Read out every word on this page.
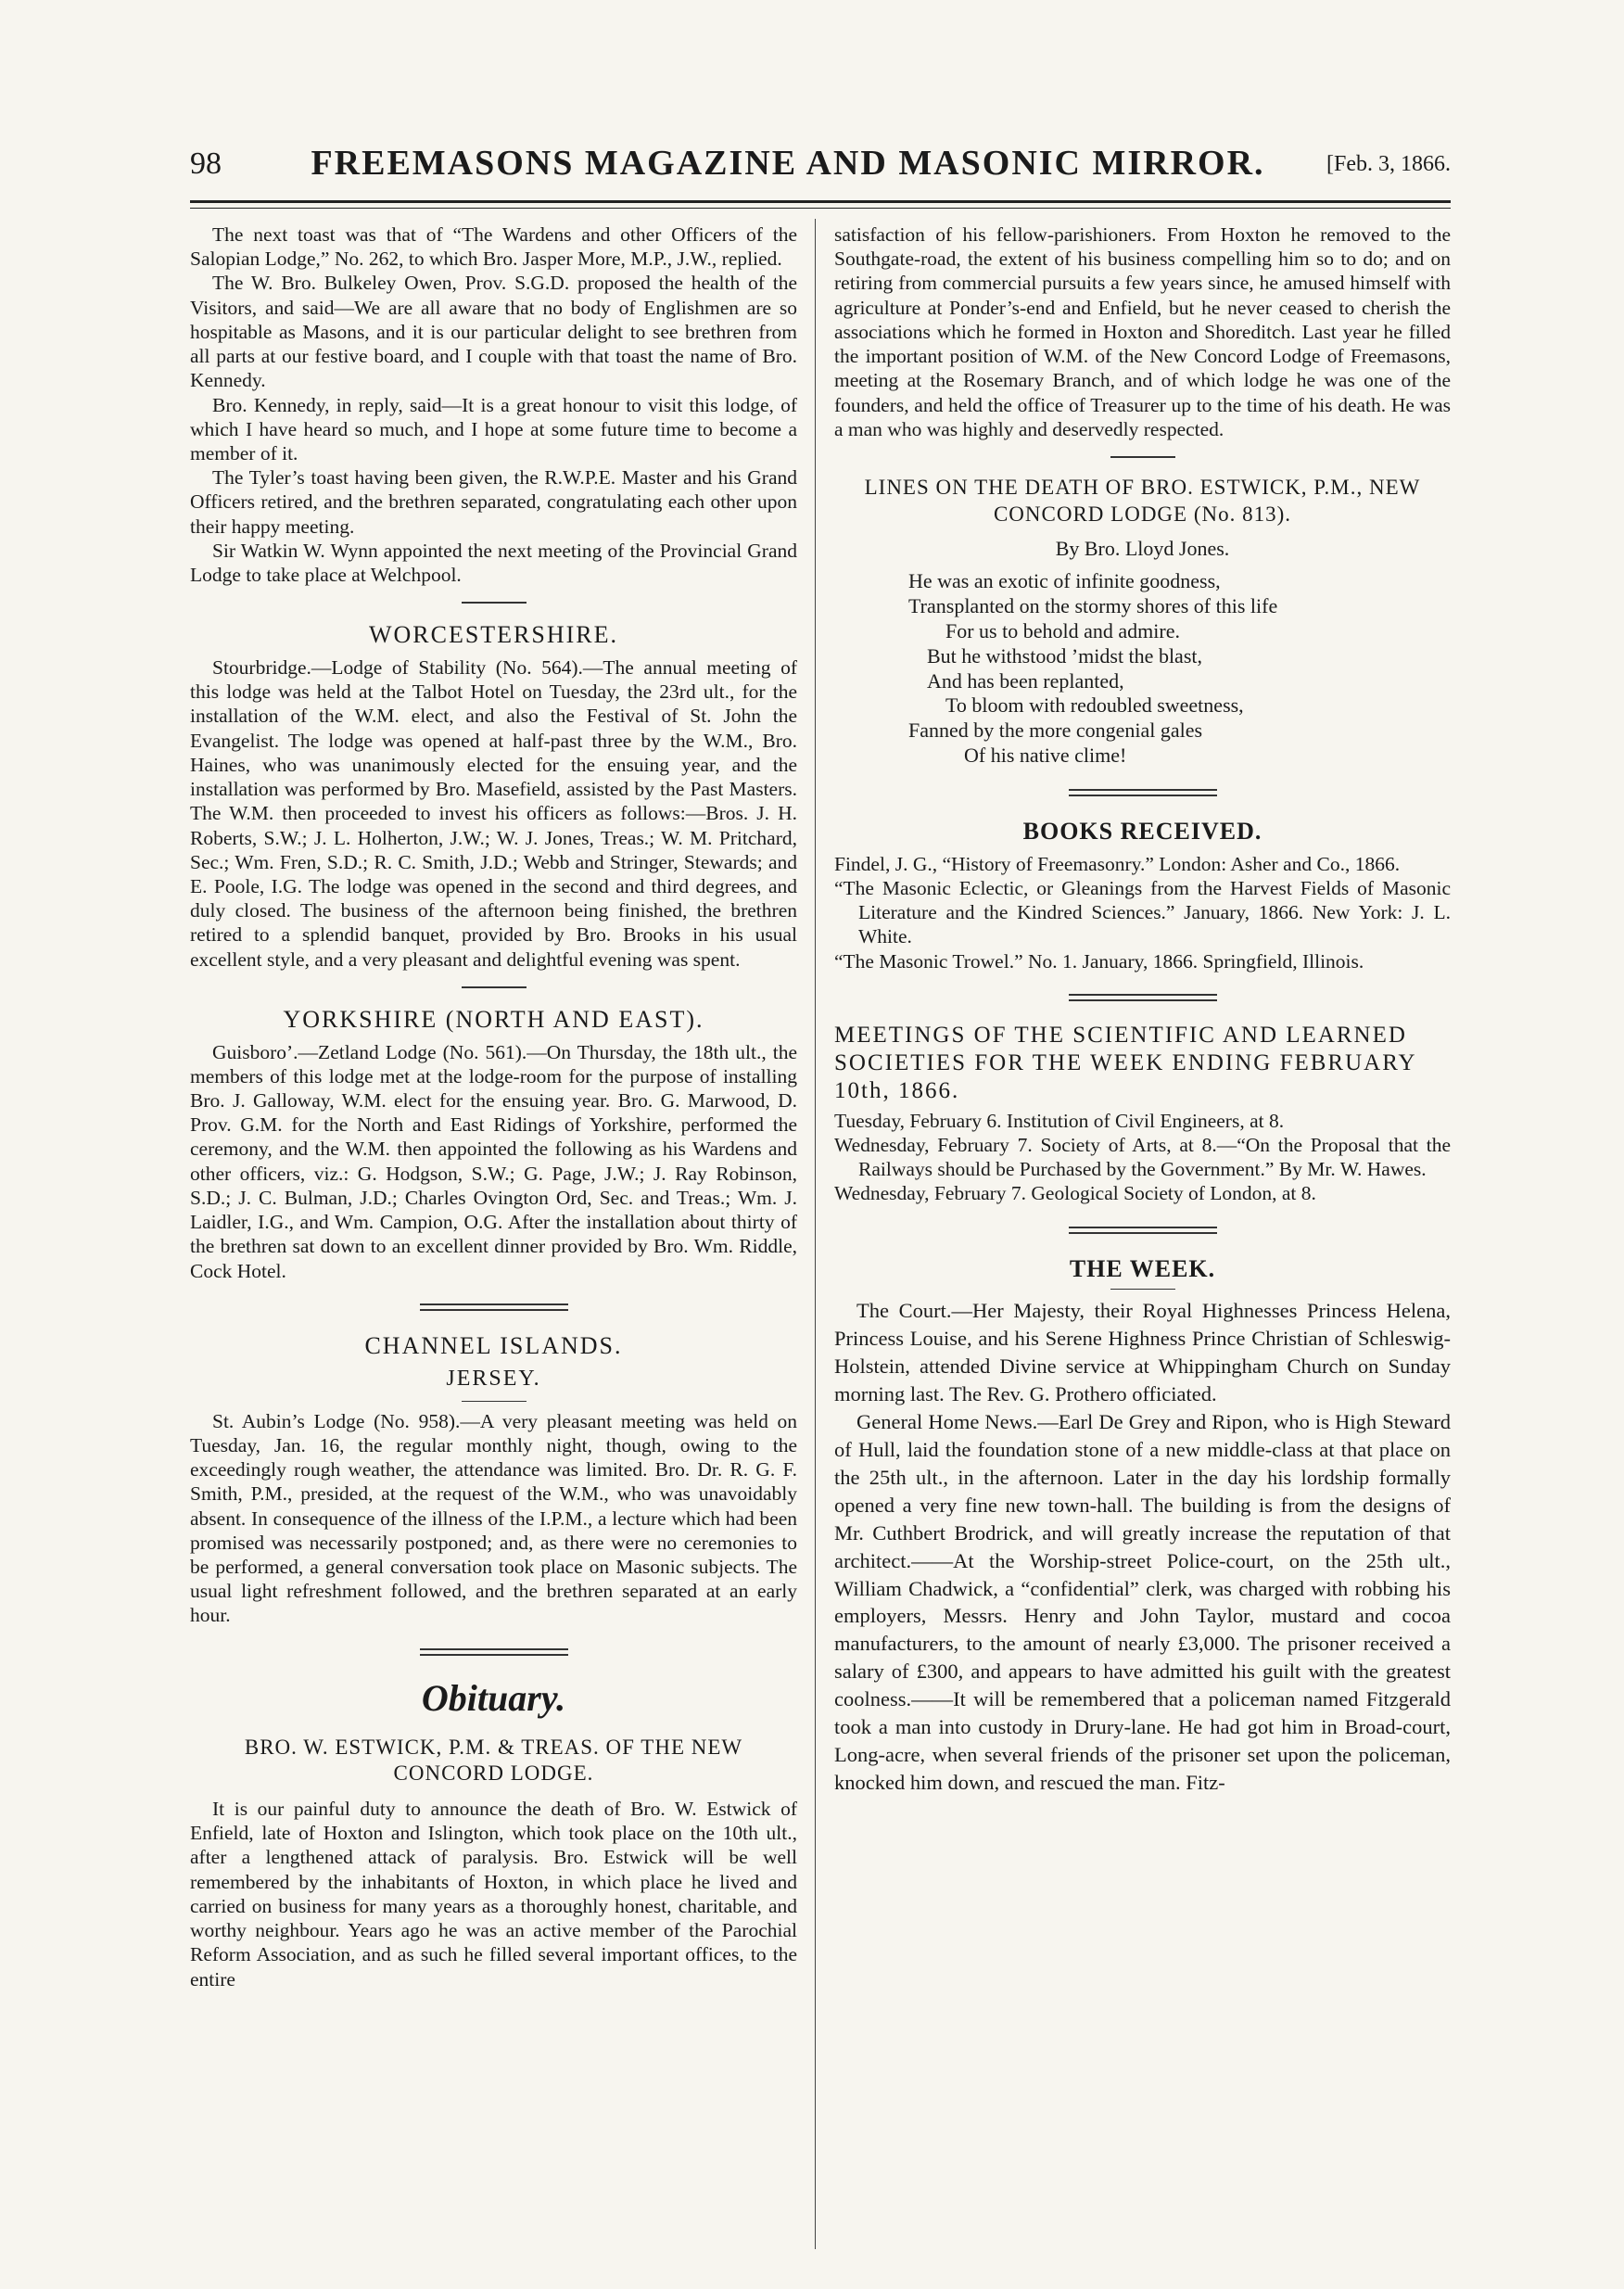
98	FREEMASONS MAGAZINE AND MASONIC MIRROR.	[Feb. 3, 1866.

The next toast was that of “The Wardens and other Officers of the Salopian Lodge,” No. 262, to which Bro. Jasper More, M.P., J.W., replied.

The W. Bro. Bulkeley Owen, Prov. S.G.D. proposed the health of the Visitors, and said—We are all aware that no body of Englishmen are so hospitable as Masons, and it is our particular delight to see brethren from all parts at our festive board, and I couple with that toast the name of Bro. Kennedy.

Bro. Kennedy, in reply, said—It is a great honour to visit this lodge, of which I have heard so much, and I hope at some future time to become a member of it.

The Tyler’s toast having been given, the R.W.P.E. Master and his Grand Officers retired, and the brethren separated, congratulating each other upon their happy meeting.

Sir Watkin W. Wynn appointed the next meeting of the Provincial Grand Lodge to take place at Welchpool.

WORCESTERSHIRE.

Stourbridge.—Lodge of Stability (No. 564).—The annual meeting of this lodge was held at the Talbot Hotel on Tuesday, the 23rd ult., for the installation of the W.M. elect, and also the Festival of St. John the Evangelist. The lodge was opened at half-past three by the W.M., Bro. Haines, who was unanimously elected for the ensuing year, and the installation was performed by Bro. Masefield, assisted by the Past Masters. The W.M. then proceeded to invest his officers as follows:—Bros. J. H. Roberts, S.W.; J. L. Holherton, J.W.; W. J. Jones, Treas.; W. M. Pritchard, Sec.; Wm. Fren, S.D.; R. C. Smith, J.D.; Webb and Stringer, Stewards; and E. Poole, I.G. The lodge was opened in the second and third degrees, and duly closed. The business of the afternoon being finished, the brethren retired to a splendid banquet, provided by Bro. Brooks in his usual excellent style, and a very pleasant and delightful evening was spent.

YORKSHIRE (NORTH AND EAST).

Guisboro’.—Zetland Lodge (No. 561).—On Thursday, the 18th ult., the members of this lodge met at the lodge-room for the purpose of installing Bro. J. Galloway, W.M. elect for the ensuing year. Bro. G. Marwood, D. Prov. G.M. for the North and East Ridings of Yorkshire, performed the ceremony, and the W.M. then appointed the following as his Wardens and other officers, viz.: G. Hodgson, S.W.; G. Page, J.W.; J. Ray Robinson, S.D.; J. C. Bulman, J.D.; Charles Ovington Ord, Sec. and Treas.; Wm. J. Laidler, I.G., and Wm. Campion, O.G. After the installation about thirty of the brethren sat down to an excellent dinner provided by Bro. Wm. Riddle, Cock Hotel.

CHANNEL ISLANDS.
JERSEY.

St. Aubin’s Lodge (No. 958).—A very pleasant meeting was held on Tuesday, Jan. 16, the regular monthly night, though, owing to the exceedingly rough weather, the attendance was limited. Bro. Dr. R. G. F. Smith, P.M., presided, at the request of the W.M., who was unavoidably absent. In consequence of the illness of the I.P.M., a lecture which had been promised was necessarily postponed; and, as there were no ceremonies to be performed, a general conversation took place on Masonic subjects. The usual light refreshment followed, and the brethren separated at an early hour.

Obituary.
BRO. W. ESTWICK, P.M. & TREAS. OF THE NEW CONCORD LODGE.

It is our painful duty to announce the death of Bro. W. Estwick of Enfield, late of Hoxton and Islington, which took place on the 10th ult., after a lengthened attack of paralysis. Bro. Estwick will be well remembered by the inhabitants of Hoxton, in which place he lived and carried on business for many years as a thoroughly honest, charitable, and worthy neighbour. Years ago he was an active member of the Parochial Reform Association, and as such he filled several important offices, to the entire

satisfaction of his fellow-parishioners. From Hoxton he removed to the Southgate-road, the extent of his business compelling him so to do; and on retiring from commercial pursuits a few years since, he amused himself with agriculture at Ponder’s-end and Enfield, but he never ceased to cherish the associations which he formed in Hoxton and Shoreditch. Last year he filled the important position of W.M. of the New Concord Lodge of Freemasons, meeting at the Rosemary Branch, and of which lodge he was one of the founders, and held the office of Treasurer up to the time of his death. He was a man who was highly and deservedly respected.

LINES ON THE DEATH OF BRO. ESTWICK, P.M., NEW CONCORD LODGE (No. 813).
By Bro. Lloyd Jones.
He was an exotic of infinite goodness,
Transplanted on the stormy shores of this life
For us to behold and admire.
But he withstood ’midst the blast,
And has been replanted,
To bloom with redoubled sweetness,
Fanned by the more congenial gales
Of his native clime!
BOOKS RECEIVED.

Findel, J. G., “History of Freemasonry.” London: Asher and Co., 1866.

“The Masonic Eclectic, or Gleanings from the Harvest Fields of Masonic Literature and the Kindred Sciences.” January, 1866. New York: J. L. White.

“The Masonic Trowel.” No. 1. January, 1866. Springfield, Illinois.

MEETINGS OF THE SCIENTIFIC AND LEARNED SOCIETIES FOR THE WEEK ENDING FEBRUARY 10th, 1866.

Tuesday, February 6. Institution of Civil Engineers, at 8.

Wednesday, February 7. Society of Arts, at 8.—“On the Proposal that the Railways should be Purchased by the Government.” By Mr. W. Hawes.

Wednesday, February 7. Geological Society of London, at 8.

THE WEEK.

The Court.—Her Majesty, their Royal Highnesses Princess Helena, Princess Louise, and his Serene Highness Prince Christian of Schleswig-Holstein, attended Divine service at Whippingham Church on Sunday morning last. The Rev. G. Prothero officiated.

General Home News.—Earl De Grey and Ripon, who is High Steward of Hull, laid the foundation stone of a new middle-class at that place on the 25th ult., in the afternoon. Later in the day his lordship formally opened a very fine new town-hall. The building is from the designs of Mr. Cuthbert Brodrick, and will greatly increase the reputation of that architect.——At the Worship-street Police-court, on the 25th ult., William Chadwick, a “confidential” clerk, was charged with robbing his employers, Messrs. Henry and John Taylor, mustard and cocoa manufacturers, to the amount of nearly £3,000. The prisoner received a salary of £300, and appears to have admitted his guilt with the greatest coolness.——It will be remembered that a policeman named Fitzgerald took a man into custody in Drury-lane. He had got him in Broad-court, Long-acre, when several friends of the prisoner set upon the policeman, knocked him down, and rescued the man. Fitz-
